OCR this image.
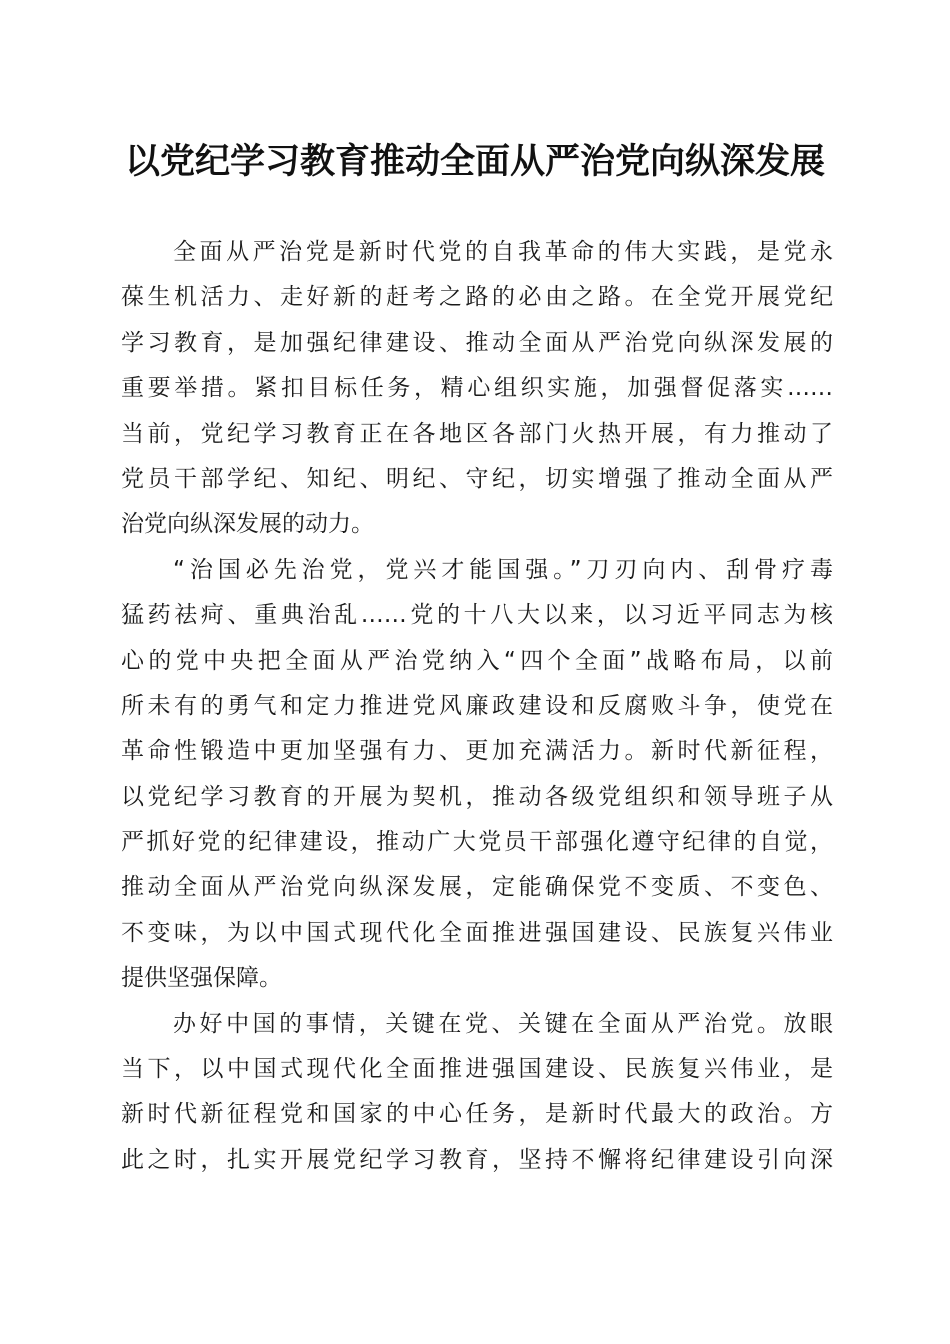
以党纪学习教育推动全面从严治党向纵深发展
全面从严治党是新时代党的自我革命的伟大实践，是党永
葆生机活力、走好新的赶考之路的必由之路。在全党开展党纪
学习教育，是加强纪律建设、推动全面从严治党向纵深发展的
重要举措。紧扣目标任务，精心组织实施，加强督促落实……
当前，党纪学习教育正在各地区各部门火热开展，有力推动了
党员干部学纪、知纪、明纪、守纪，切实增强了推动全面从严
治党向纵深发展的动力。
“治国必先治党，党兴才能国强。”刀刃向内、刮骨疗毒
猛药祛疴、重典治乱……党的十八大以来，以习近平同志为核
心的党中央把全面从严治党纳入“四个全面”战略布局，以前
所未有的勇气和定力推进党风廉政建设和反腐败斗争，使党在
革命性锻造中更加坚强有力、更加充满活力。新时代新征程，
以党纪学习教育的开展为契机，推动各级党组织和领导班子从
严抓好党的纪律建设，推动广大党员干部强化遵守纪律的自觉，
推动全面从严治党向纵深发展，定能确保党不变质、不变色、
不变味，为以中国式现代化全面推进强国建设、民族复兴伟业
提供坚强保障。
办好中国的事情，关键在党、关键在全面从严治党。放眼
当下，以中国式现代化全面推进强国建设、民族复兴伟业，是
新时代新征程党和国家的中心任务，是新时代最大的政治。方
此之时，扎实开展党纪学习教育，坚持不懈将纪律建设引向深
